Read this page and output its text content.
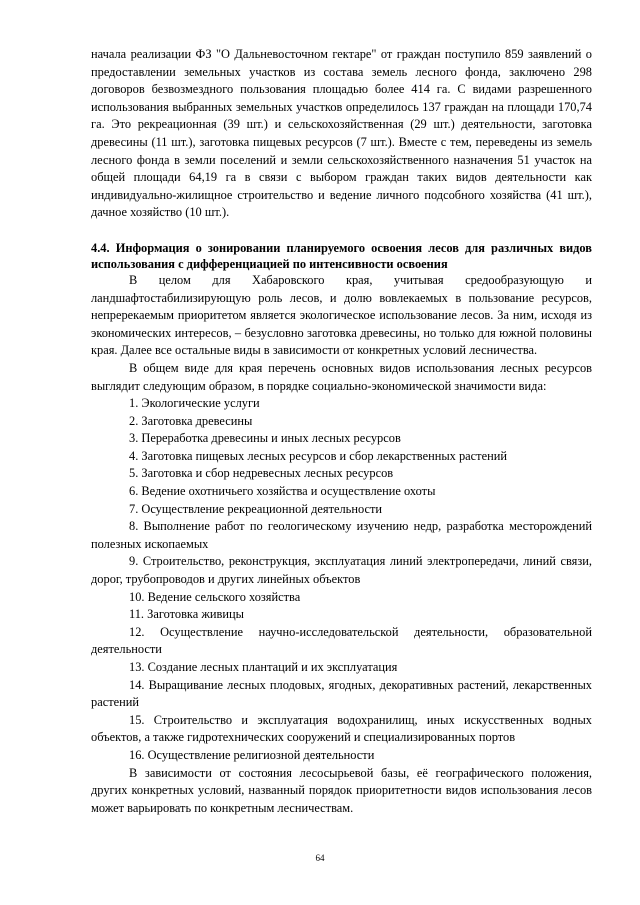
начала реализации ФЗ "О Дальневосточном гектаре" от граждан поступило 859 заявлений о предоставлении земельных участков из состава земель лесного фонда, заключено 298 договоров безвозмездного пользования площадью более 414 га. С видами разрешенного использования выбранных земельных участков определилось 137 граждан на площади 170,74 га. Это рекреационная (39 шт.) и сельскохозяйственная (29 шт.) деятельности, заготовка древесины (11 шт.), заготовка пищевых ресурсов (7 шт.). Вместе с тем, переведены из земель лесного фонда в земли поселений и земли сельскохозяйственного назначения 51 участок на общей площади 64,19 га в связи с выбором граждан таких видов деятельности как индивидуально-жилищное строительство и ведение личного подсобного хозяйства (41 шт.), дачное хозяйство (10 шт.).

4.4. Информация о зонировании планируемого освоения лесов для различных видов использования с дифференциацией по интенсивности освоения

В целом для Хабаровского края, учитывая средообразующую и ландшафтостабилизирующую роль лесов, и долю вовлекаемых в пользование ресурсов, непререкаемым приоритетом является экологическое использование лесов. За ним, исходя из экономических интересов, – безусловно заготовка древесины, но только для южной половины края. Далее все остальные виды в зависимости от конкретных условий лесничества.

В общем виде для края перечень основных видов использования лесных ресурсов выглядит следующим образом, в порядке социально-экономической значимости вида:

1. Экологические услуги
2. Заготовка древесины
3. Переработка древесины и иных лесных ресурсов
4. Заготовка пищевых лесных ресурсов и сбор лекарственных растений
5. Заготовка и сбор недревесных лесных ресурсов
6. Ведение охотничьего хозяйства и осуществление охоты
7. Осуществление рекреационной деятельности
8. Выполнение работ по геологическому изучению недр, разработка месторождений полезных ископаемых
9. Строительство, реконструкция, эксплуатация линий электропередачи, линий связи, дорог, трубопроводов и других линейных объектов
10. Ведение сельского хозяйства
11. Заготовка живицы
12. Осуществление научно-исследовательской деятельности, образовательной деятельности
13. Создание лесных плантаций и их эксплуатация
14. Выращивание лесных плодовых, ягодных, декоративных растений, лекарственных растений
15. Строительство и эксплуатация водохранилищ, иных искусственных водных объектов, а также гидротехнических сооружений и специализированных портов
16. Осуществление религиозной деятельности

В зависимости от состояния лесосырьевой базы, её географического положения, других конкретных условий, названный порядок приоритетности видов использования лесов может варьировать по конкретным лесничествам.

64
